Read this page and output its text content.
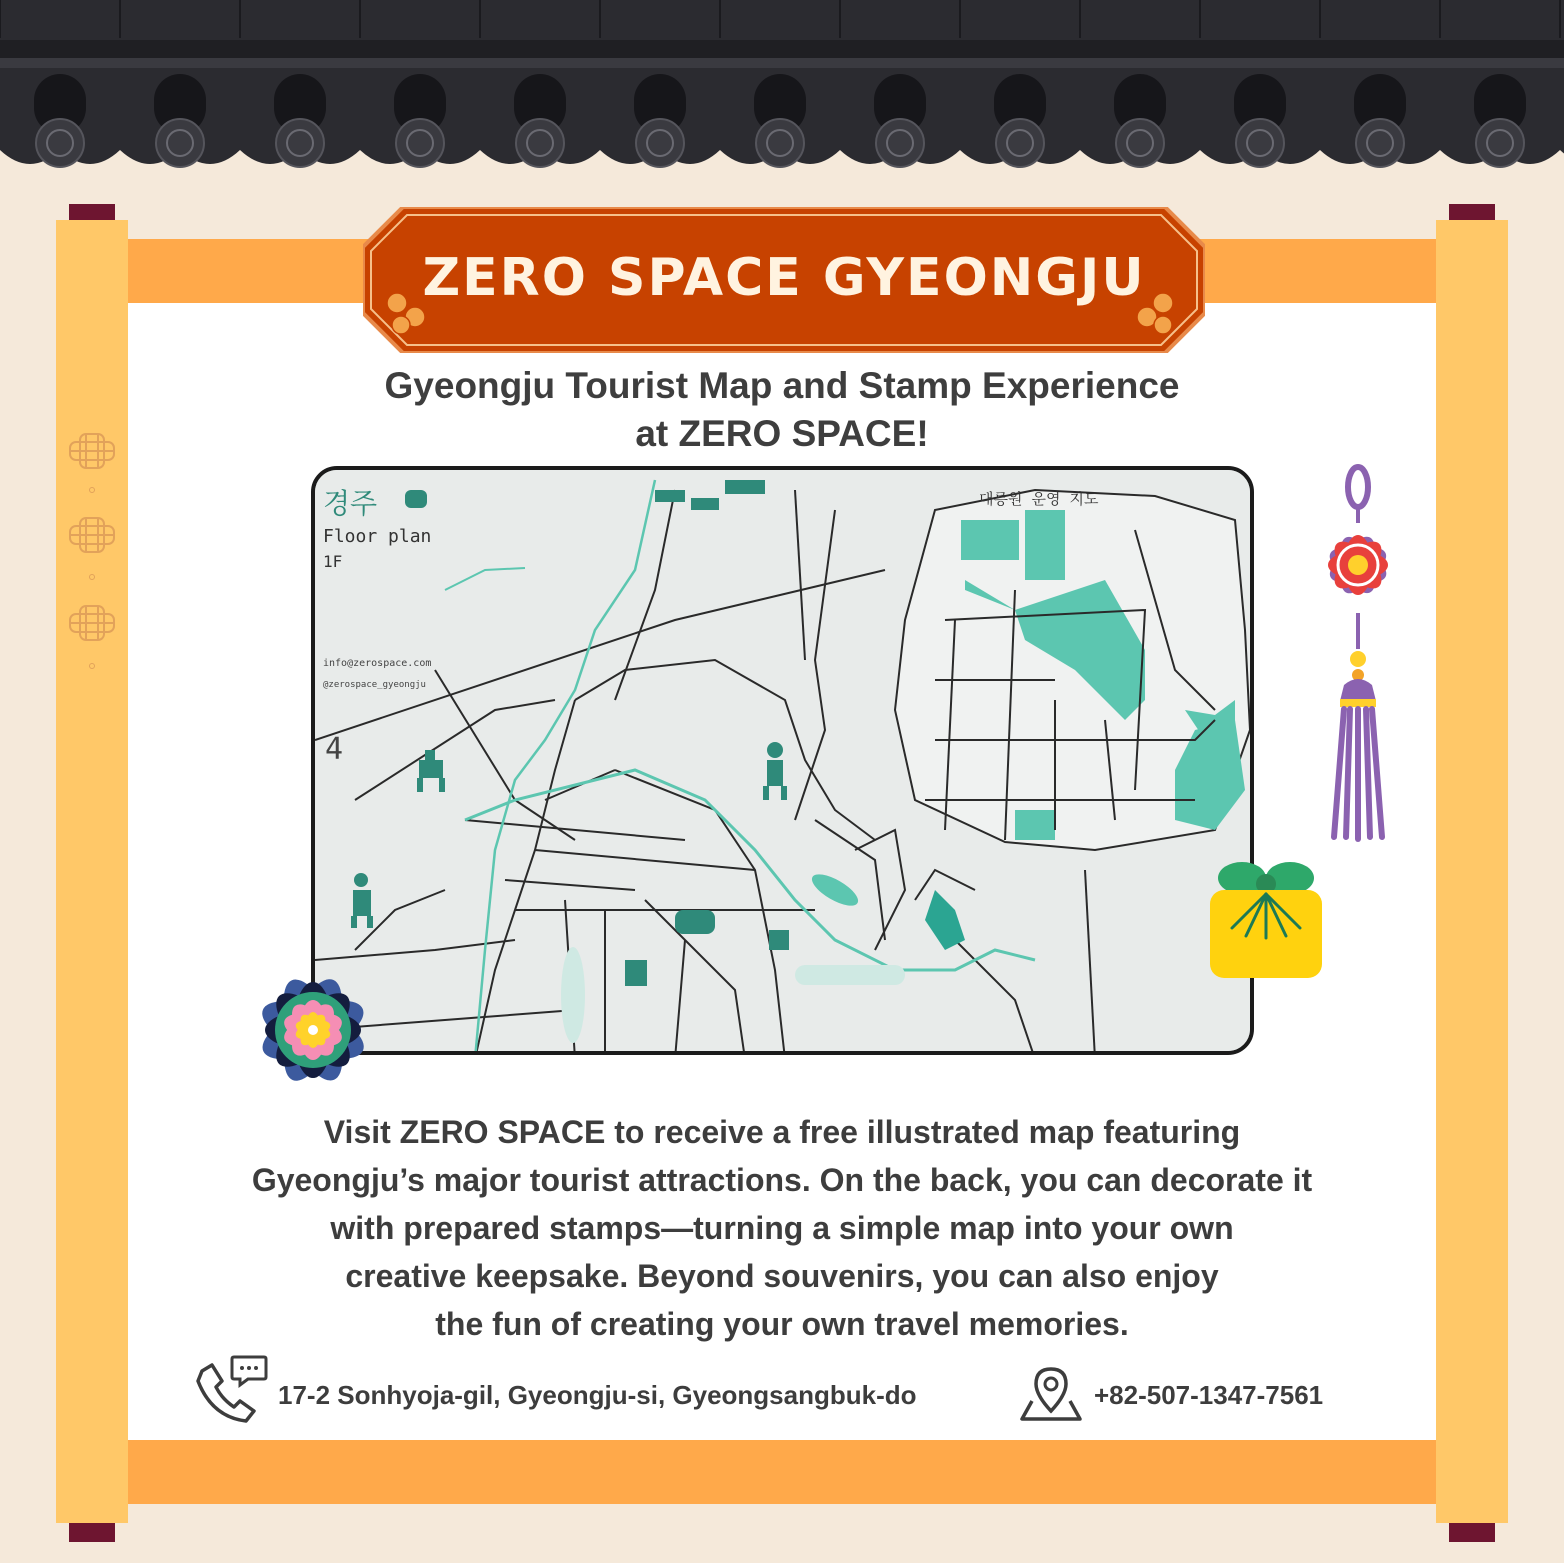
ZERO SPACE GYEONGJU
Gyeongju Tourist Map and Stamp Experience
at ZERO SPACE!
경주
Floor plan
1F
info@zerospace.com
@zerospace_gyeongju
4
대릉원 운영 지도
Visit ZERO SPACE to receive a free illustrated map featuring
Gyeongju’s major tourist attractions. On the back, you can decorate it
with prepared stamps—turning a simple map into your own
creative keepsake. Beyond souvenirs, you can also enjoy
the fun of creating your own travel memories.
17-2 Sonhyoja-gil, Gyeongju-si, Gyeongsangbuk-do	+82-507-1347-7561
